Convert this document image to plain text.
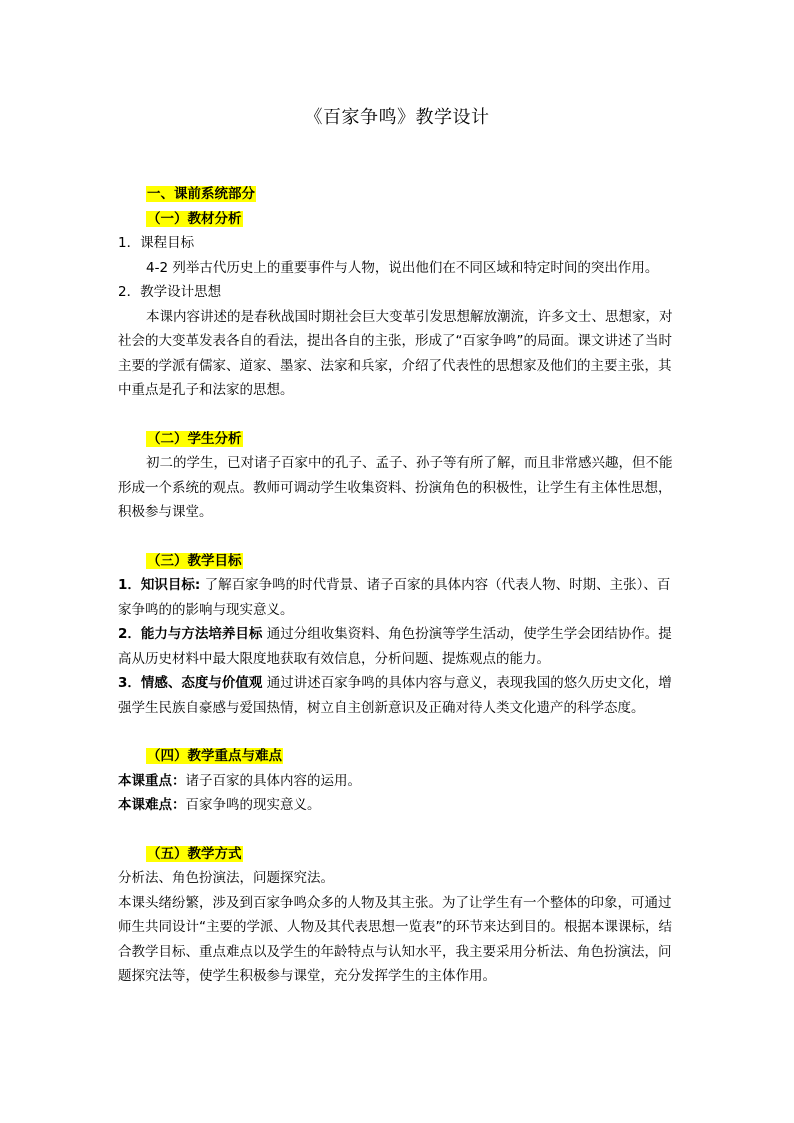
《百家争鸣》教学设计

一、课前系统部分

（一）教材分析

1．课程目标

4-2 列举古代历史上的重要事件与人物，说出他们在不同区域和特定时间的突出作用。

2．教学设计思想

本课内容讲述的是春秋战国时期社会巨大变革引发思想解放潮流，许多文士、思想家，对社会的大变革发表各自的看法，提出各自的主张，形成了“百家争鸣”的局面。课文讲述了当时主要的学派有儒家、道家、墨家、法家和兵家，介绍了代表性的思想家及他们的主要主张，其中重点是孔子和法家的思想。

（二）学生分析

初二的学生，已对诸子百家中的孔子、孟子、孙子等有所了解，而且非常感兴趣，但不能形成一个系统的观点。教师可调动学生收集资料、扮演角色的积极性，让学生有主体性思想，积极参与课堂。

（三）教学目标

1．知识目标: 了解百家争鸣的时代背景、诸子百家的具体内容（代表人物、时期、主张）、百家争鸣的的影响与现实意义。

2．能力与方法培养目标 通过分组收集资料、角色扮演等学生活动，使学生学会团结协作。提高从历史材料中最大限度地获取有效信息，分析问题、提炼观点的能力。

3．情感、态度与价值观 通过讲述百家争鸣的具体内容与意义，表现我国的悠久历史文化，增强学生民族自豪感与爱国热情，树立自主创新意识及正确对待人类文化遗产的科学态度。

（四）教学重点与难点

本课重点：诸子百家的具体内容的运用。

本课难点：百家争鸣的现实意义。

（五）教学方式

分析法、角色扮演法，问题探究法。

本课头绪纷繁，涉及到百家争鸣众多的人物及其主张。为了让学生有一个整体的印象，可通过师生共同设计“主要的学派、人物及其代表思想一览表”的环节来达到目的。根据本课课标，结合教学目标、重点难点以及学生的年龄特点与认知水平，我主要采用分析法、角色扮演法，问题探究法等，使学生积极参与课堂，充分发挥学生的主体作用。
